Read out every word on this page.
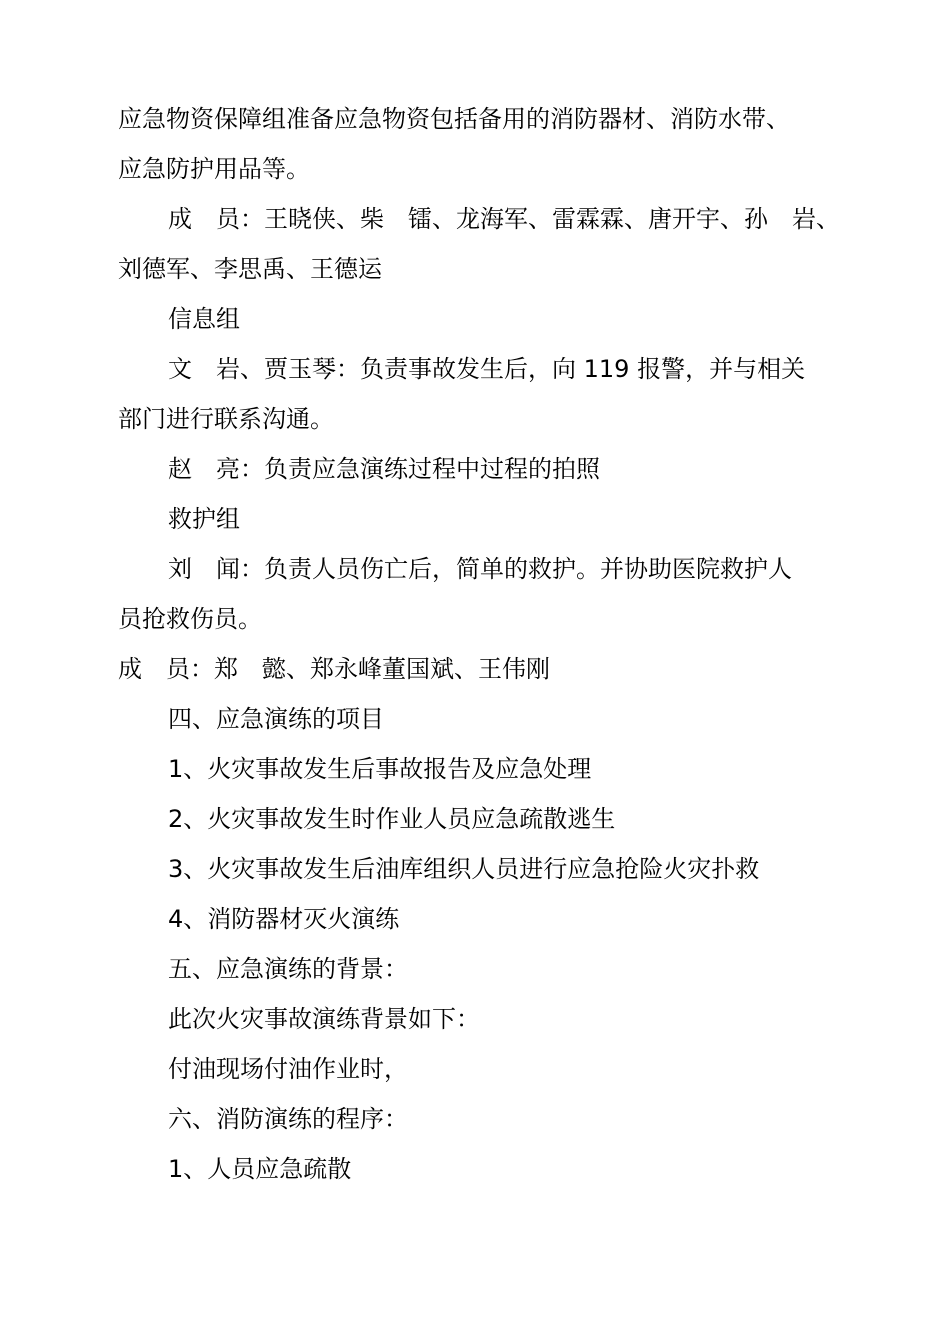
应急物资保障组准备应急物资包括备用的消防器材、消防水带、
应急防护用品等。
成　员：王晓侠、柴　镭、龙海军、雷霖霖、唐开宇、孙　岩、
刘德军、李思禹、王德运
信息组
文　岩、贾玉琴：负责事故发生后，向 119 报警，并与相关
部门进行联系沟通。
赵　亮：负责应急演练过程中过程的拍照
救护组
刘　闻：负责人员伤亡后，简单的救护。并协助医院救护人
员抢救伤员。
成　员：郑　懿、郑永峰董国斌、王伟刚
四、应急演练的项目
1、火灾事故发生后事故报告及应急处理
2、火灾事故发生时作业人员应急疏散逃生
3、火灾事故发生后油库组织人员进行应急抢险火灾扑救
4、消防器材灭火演练
五、应急演练的背景：
此次火灾事故演练背景如下：
付油现场付油作业时，
六、消防演练的程序：
1、人员应急疏散
